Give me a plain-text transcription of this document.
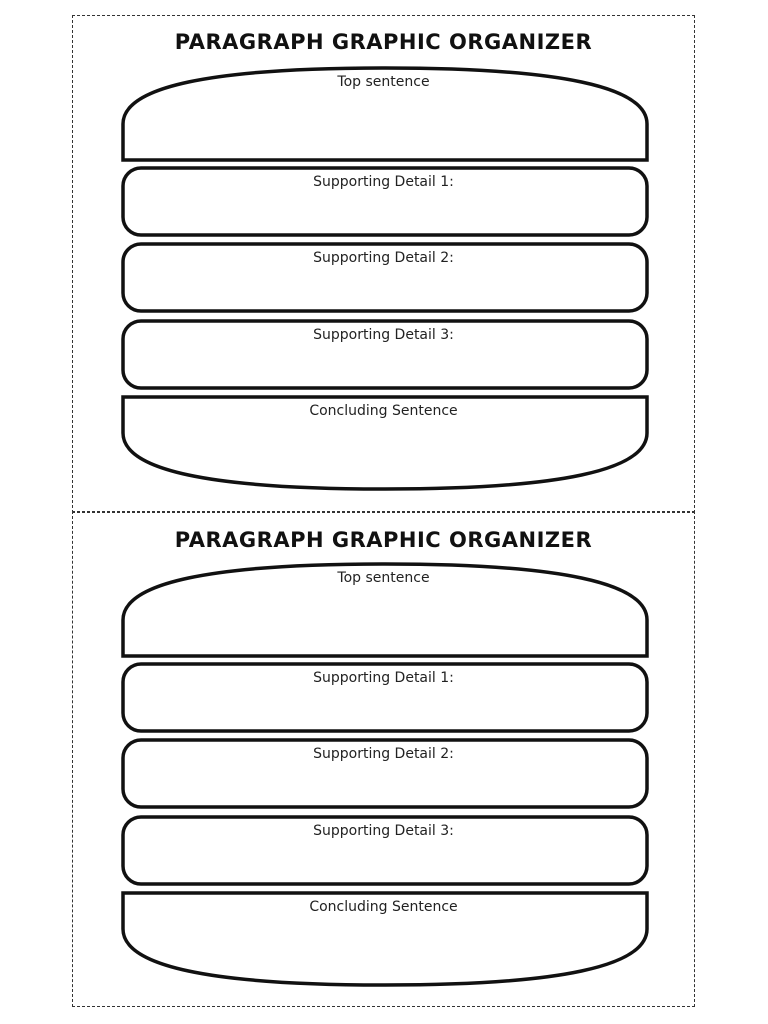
PARAGRAPH GRAPHIC ORGANIZER
Top sentence
Supporting Detail 1:
Supporting Detail 2:
Supporting Detail 3:
Concluding Sentence
PARAGRAPH GRAPHIC ORGANIZER
Top sentence
Supporting Detail 1:
Supporting Detail 2:
Supporting Detail 3:
Concluding Sentence
